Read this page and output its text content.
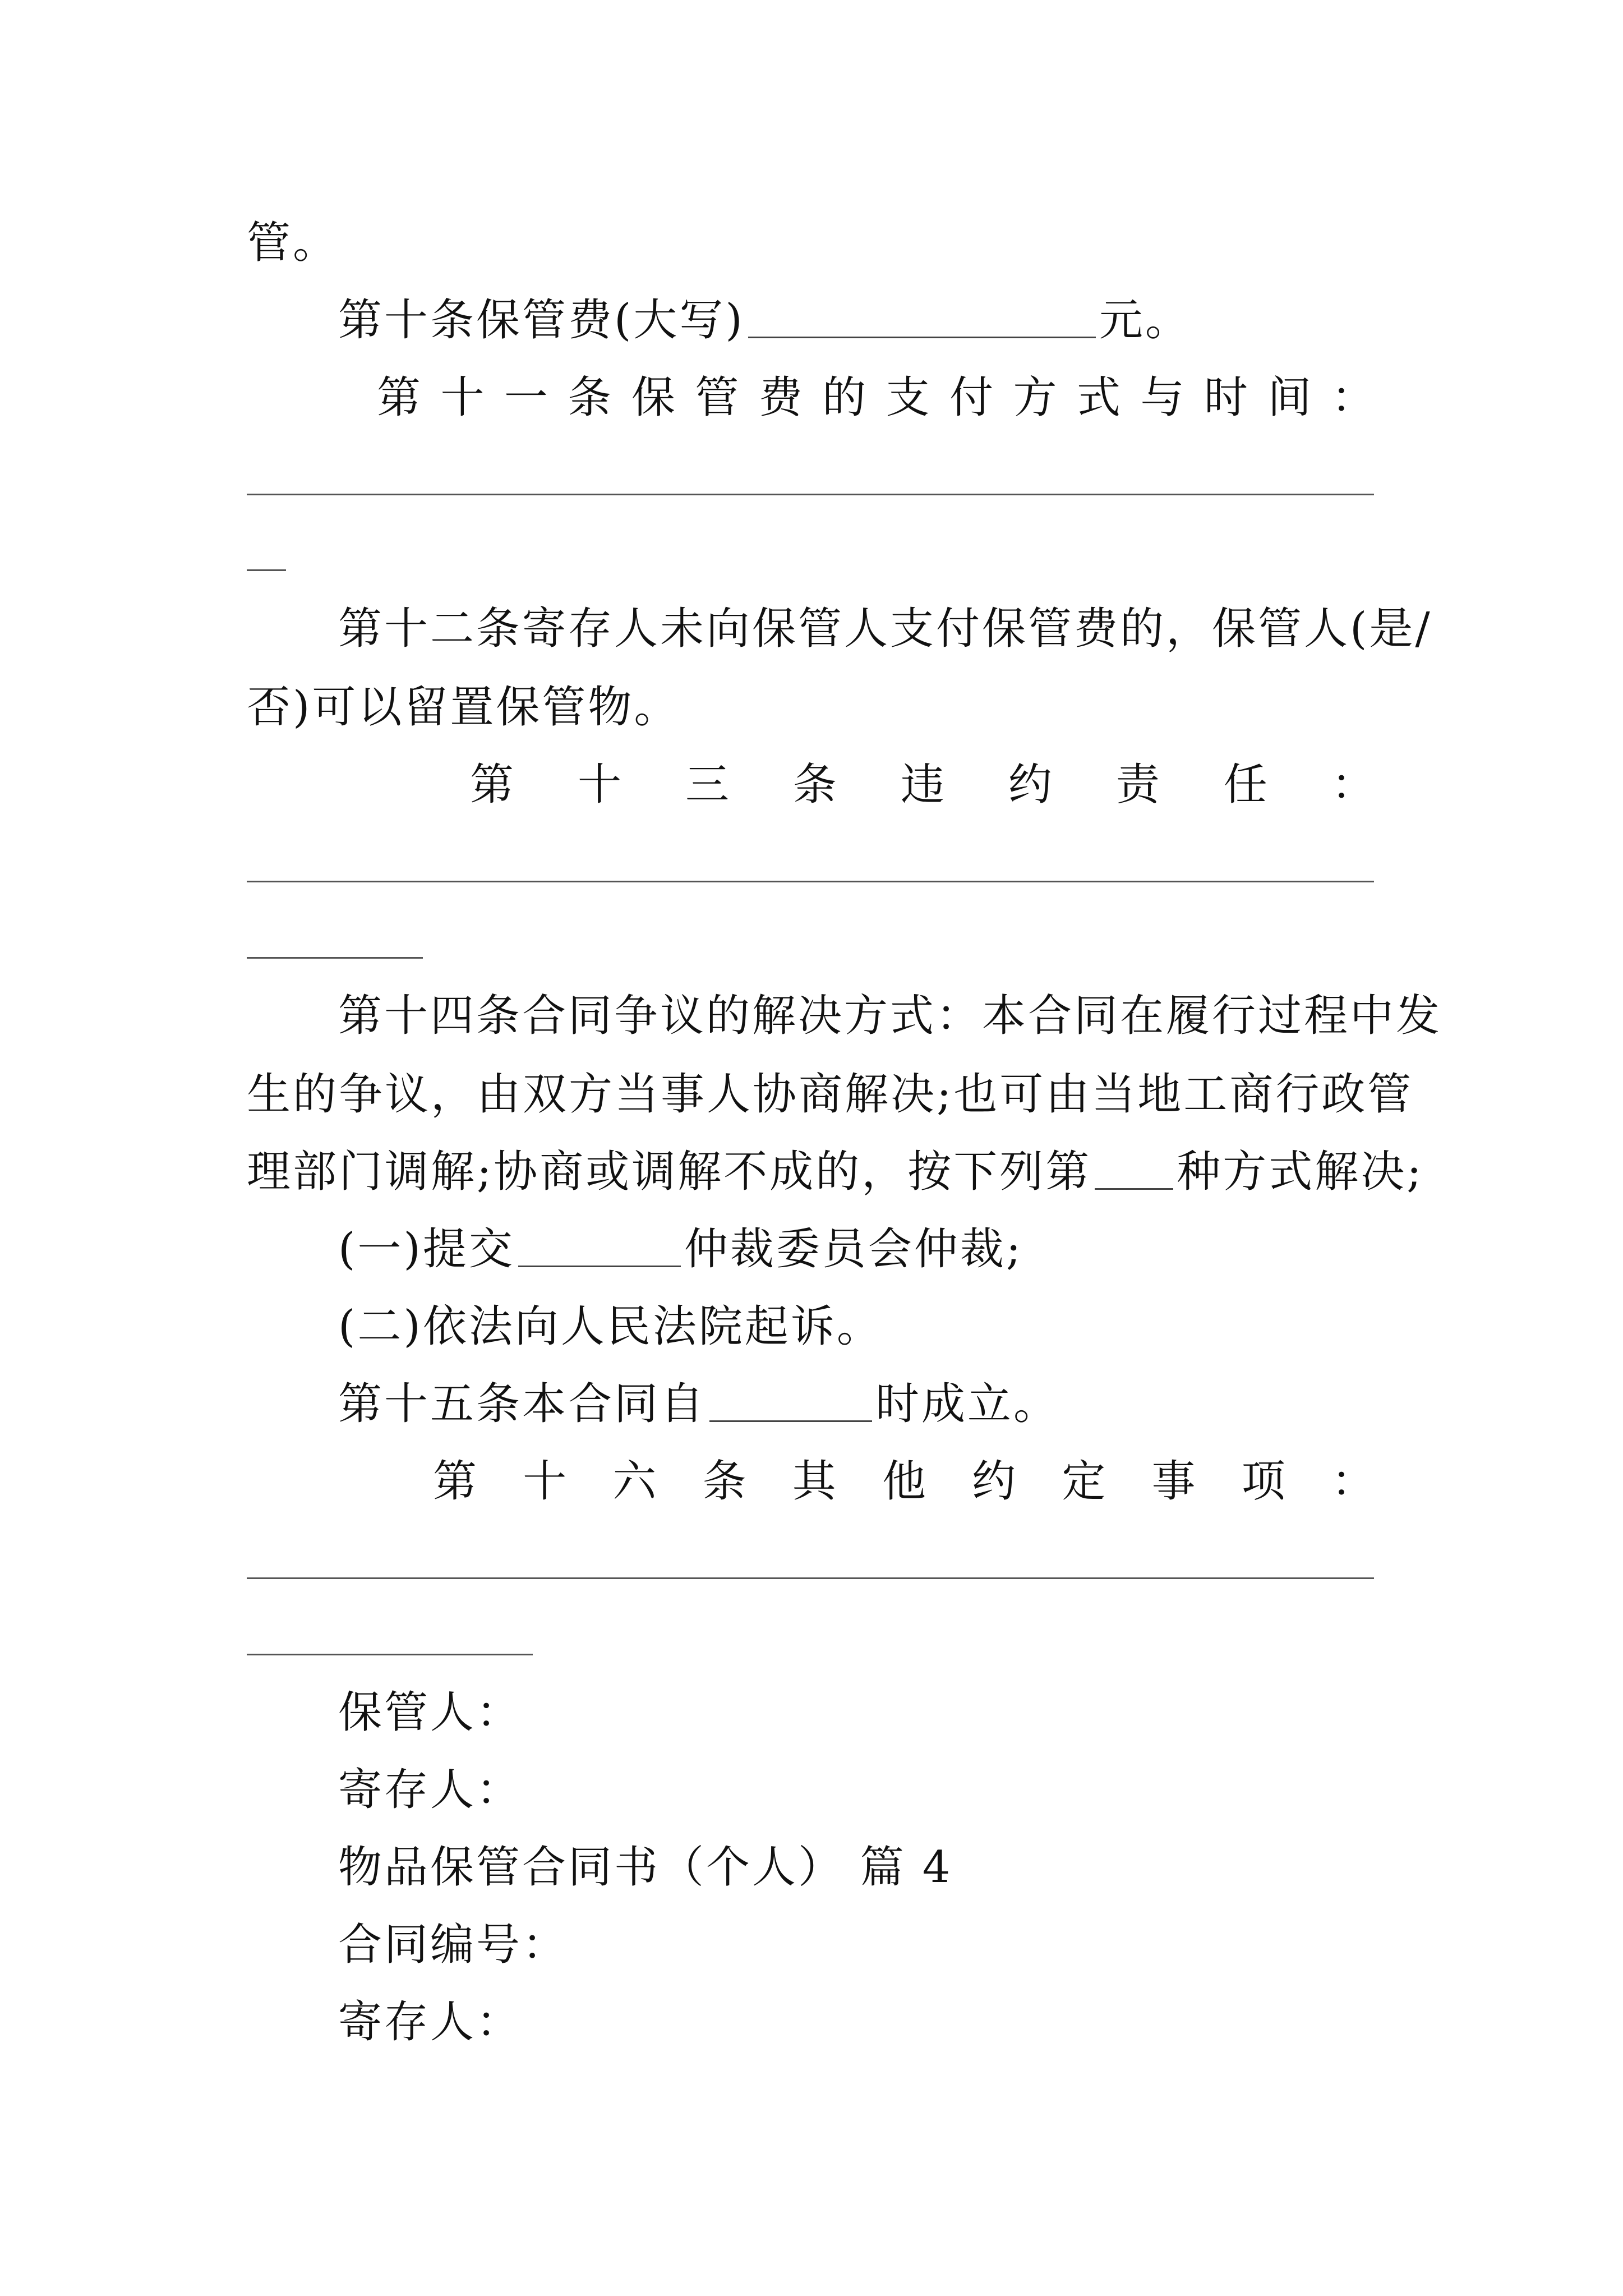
管。
第十条保管费(大写)	元。
第 十 一 条 保 管 费 的 支 付 方 式 与 时 间 ：
第十二条寄存人未向保管人支付保管费的，保管人(是/
否)可以留置保管物。
第 十 三 条 违 约 责 任 ：
第十四条合同争议的解决方式：本合同在履行过程中发
生的争议，由双方当事人协商解决;也可由当地工商行政管
理部门调解;协商或调解不成的，按下列第 种方式解决;
(一)提交	仲裁委员会仲裁;
(二)依法向人民法院起诉。
第十五条本合同自	时成立。
第 十 六 条 其 他 约 定 事 项 ：
保管人：
寄存人：
物品保管合同书（个人） 篇 4
合同编号：
寄存人：
